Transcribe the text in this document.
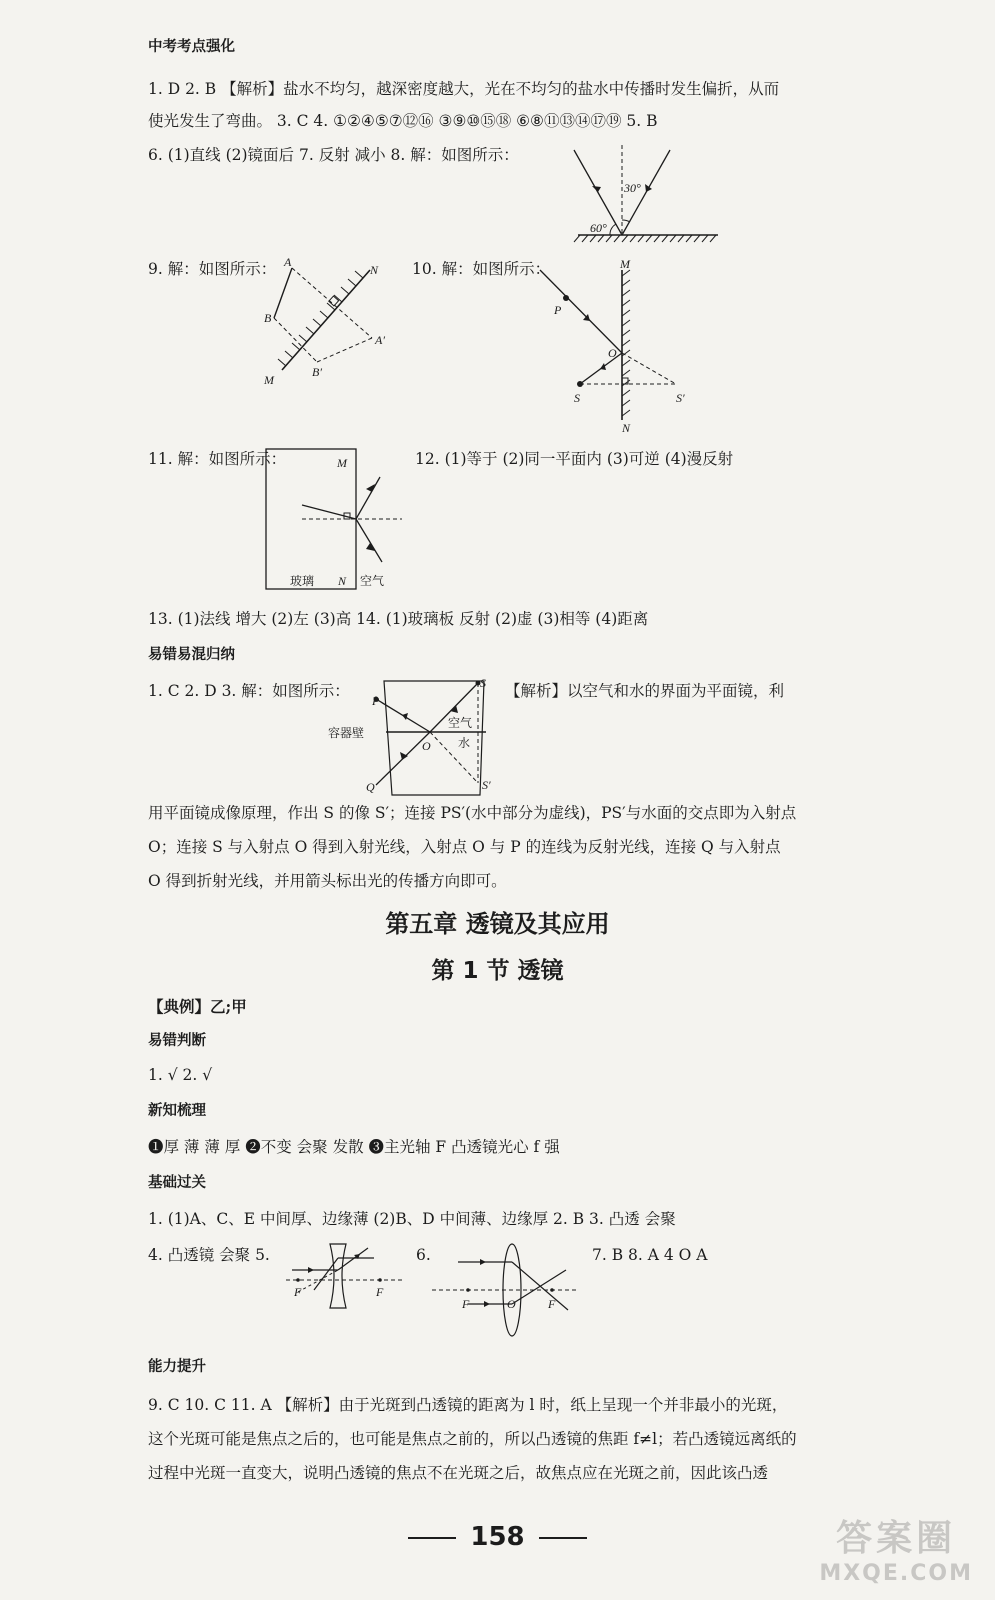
中考考点强化
1. D 2. B 【解析】盐水不均匀，越深密度越大，光在不均匀的盐水中传播时发生偏折，从而
使光发生了弯曲。 3. C 4. ①②④⑤⑦⑫⑯ ③⑨⑩⑮⑱ ⑥⑧⑪⑬⑭⑰⑲ 5. B
6. (1)直线 (2)镜面后 7. 反射 减小 8. 解：如图所示：
30°
60°
9. 解：如图所示： A
B
N
M
A′
B′
10. 解：如图所示：	M
N
P
O
S	S′
11. 解：如图所示：	M
N
玻璃	空气
12. (1)等于 (2)同一平面内 (3)可逆 (4)漫反射
13. (1)法线 增大 (2)左 (3)高 14. (1)玻璃板 反射 (2)虚 (3)相等 (4)距离
易错易混归纳
1. C 2. D 3. 解：如图所示：
P
S
Q
O
S′
空气
水
容器壁
【解析】以空气和水的界面为平面镜，利
用平面镜成像原理，作出 S 的像 S′；连接 PS′(水中部分为虚线)，PS′与水面的交点即为入射点 O；连接 S 与入射点 O 得到入射光线，入射点 O 与 P 的连线为反射光线，连接 Q 与入射点 O 得到折射光线，并用箭头标出光的传播方向即可。
第五章 透镜及其应用
第 1 节 透镜
【典例】乙;甲
易错判断
1. √ 2. √
新知梳理
❶厚 薄 薄 厚 ❷不变 会聚 发散 ❸主光轴 F 凸透镜光心 f 强
基础过关
1. (1)A、C、E 中间厚、边缘薄 (2)B、D 中间薄、边缘厚 2. B 3. 凸透 会聚
4. 凸透镜 会聚 5.
F	F
6.
F	O	F
7. B 8. A 4 O A
能力提升
9. C 10. C 11. A 【解析】由于光斑到凸透镜的距离为 l 时，纸上呈现一个并非最小的光斑，这个光斑可能是焦点之后的，也可能是焦点之前的，所以凸透镜的焦距 f≠l；若凸透镜远离纸的过程中光斑一直变大，说明凸透镜的焦点不在光斑之后，故焦点应在光斑之前，因此该凸透
158	答案圈
MXQE.COM
